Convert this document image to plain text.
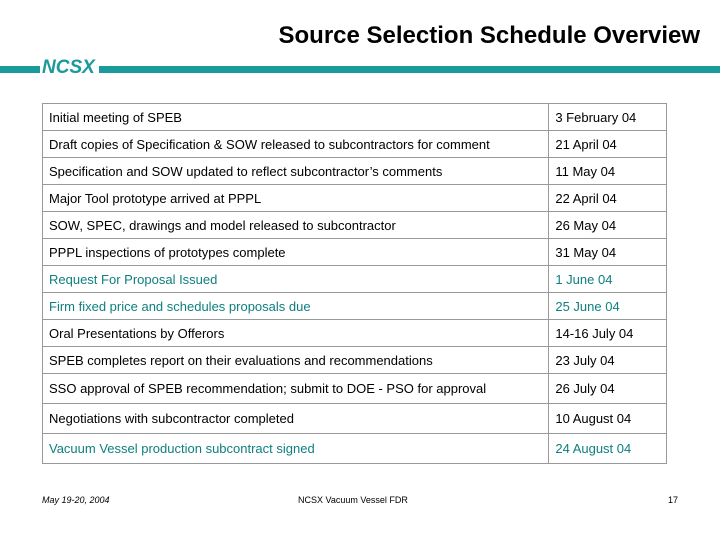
Source Selection Schedule Overview
NCSX
Initial meeting of SPEB	3 February 04
Draft copies of Specification & SOW released to subcontractors for comment	21 April 04
Specification and SOW updated to reflect subcontractor’s comments	11 May 04
Major Tool prototype arrived at PPPL	22 April 04
SOW, SPEC, drawings and model released to subcontractor	26 May 04
PPPL inspections of prototypes complete	31 May 04
Request For Proposal Issued	1 June 04
Firm fixed price and schedules proposals due	25 June 04
Oral Presentations by Offerors	14-16 July 04
SPEB completes report on their evaluations and recommendations	23 July 04
SSO approval of SPEB recommendation; submit to DOE - PSO for approval	26 July 04
Negotiations with subcontractor completed	10 August 04
Vacuum Vessel production subcontract signed	24 August 04
May 19-20, 2004	NCSX Vacuum Vessel FDR	17
